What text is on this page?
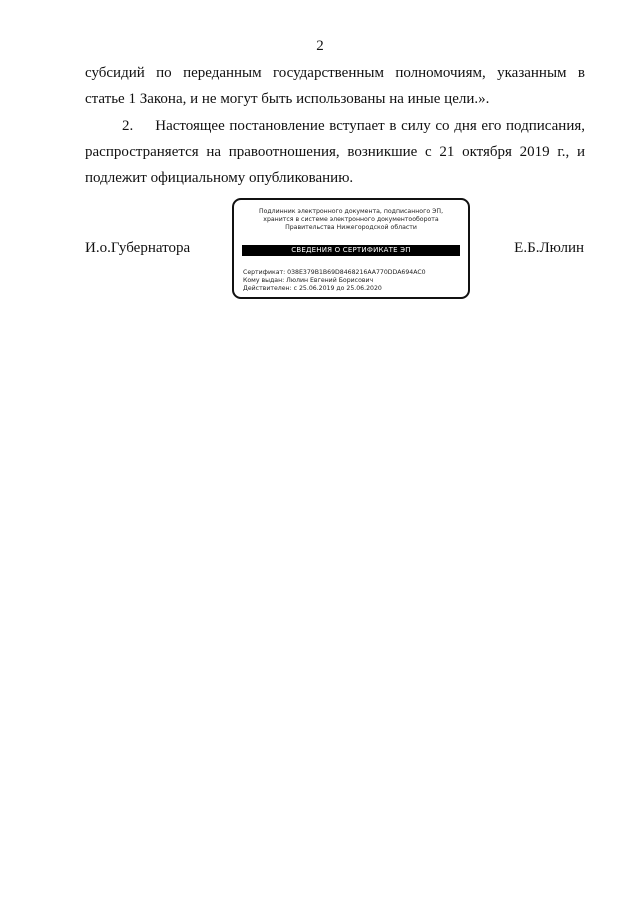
2
субсидий по переданным государственным полномочиям, указанным в
статье 1 Закона, и не могут быть использованы на иные цели.».
2. Настоящее постановление вступает в силу со дня его подписания,
распространяется на правоотношения, возникшие с 21 октября 2019 г., и
подлежит официальному опубликованию.
И.о.Губернатора
Подлинник электронного документа, подписанного ЭП,
хранится в системе электронного документооборота
Правительства Нижегородской области
СВЕДЕНИЯ О СЕРТИФИКАТЕ ЭП
Сертификат: 038E379B1B69D8468216AA770DDA694AC0
Кому выдан: Люлин Евгений Борисович
Действителен: с 25.06.2019 до 25.06.2020
Е.Б.Люлин
